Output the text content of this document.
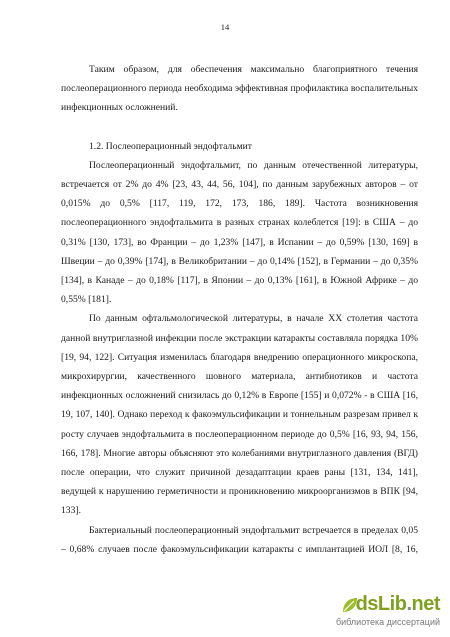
14

Таким образом, для обеспечения максимально благоприятного течения послеоперационного периода необходима эффективная профилактика воспалительных инфекционных осложнений.

1.2. Послеоперационный эндофтальмит

Послеоперационный эндофтальмит, по данным отечественной литературы, встречается от 2% до 4% [23, 43, 44, 56, 104], по данным зарубежных авторов – от 0,015% до 0,5% [117, 119, 172, 173, 186, 189]. Частота возникновения послеоперационного эндофтальмита в разных странах колеблется [19]: в США – до 0,31% [130, 173], во Франции – до 1,23% [147], в Испании – до 0,59% [130, 169] в Швеции – до 0,39% [174], в Великобритании – до 0,14% [152], в Германии – до 0,35% [134], в Канаде – до 0,18% [117], в Японии – до 0,13% [161], в Южной Африке – до 0,55% [181].

По данным офтальмологической литературы, в начале XX столетия частота данной внутриглазной инфекции после экстракции катаракты составляла порядка 10% [19, 94, 122]. Ситуация изменилась благодаря внедрению операционного микроскопа, микрохирургии, качественного шовного материала, антибиотиков и частота инфекционных осложнений снизилась до 0,12% в Европе [155] и 0,072% - в США [16, 19, 107, 140]. Однако переход к факоэмульсификации и тоннельным разрезам привел к росту случаев эндофтальмита в послеоперационном периоде до 0,5% [16, 93, 94, 156, 166, 178]. Многие авторы объясняют это колебаниями внутриглазного давления (ВГД) после операции, что служит причиной дезадаптации краев раны [131, 134, 141], ведущей к нарушению герметичности и проникновению микроорганизмов в ВПК [94, 133].

Бактериальный послеоперационный эндофтальмит встречается в пределах 0,05 – 0,68% случаев после факоэмульсификации катаракты с имплантацией ИОЛ [8, 16,

dsLib.net
библиотека диссертаций
